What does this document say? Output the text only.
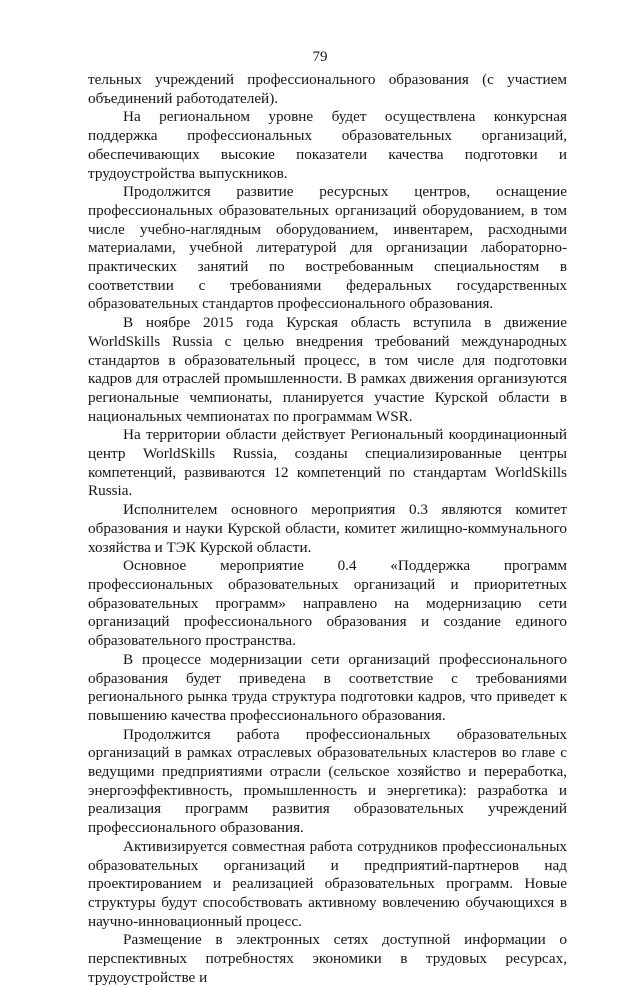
79

тельных учреждений профессионального образования (с участием объединений работодателей).

На региональном уровне будет осуществлена конкурсная поддержка профессиональных образовательных организаций, обеспечивающих высокие показатели качества подготовки и трудоустройства выпускников.

Продолжится развитие ресурсных центров, оснащение профессиональных образовательных организаций оборудованием, в том числе учебно-наглядным оборудованием, инвентарем, расходными материалами, учебной литературой для организации лабораторно-практических занятий по востребованным специальностям в соответствии с требованиями федеральных государственных образовательных стандартов профессионального образования.

В ноябре 2015 года Курская область вступила в движение WorldSkills Russia с целью внедрения требований международных стандартов в образовательный процесс, в том числе для подготовки кадров для отраслей промышленности. В рамках движения организуются региональные чемпионаты, планируется участие Курской области в национальных чемпионатах по программам WSR.

На территории области действует Региональный координационный центр WorldSkills Russia, созданы специализированные центры компетенций, развиваются 12 компетенций по стандартам WorldSkills Russia.

Исполнителем основного мероприятия 0.3 являются комитет образования и науки Курской области, комитет жилищно-коммунального хозяйства и ТЭК Курской области.

Основное мероприятие 0.4 «Поддержка программ профессиональных образовательных организаций и приоритетных образовательных программ» направлено на модернизацию сети организаций профессионального образования и создание единого образовательного пространства.

В процессе модернизации сети организаций профессионального образования будет приведена в соответствие с требованиями регионального рынка труда структура подготовки кадров, что приведет к повышению качества профессионального образования.

Продолжится работа профессиональных образовательных организаций в рамках отраслевых образовательных кластеров во главе с ведущими предприятиями отрасли (сельское хозяйство и переработка, энергоэффективность, промышленность и энергетика): разработка и реализация программ развития образовательных учреждений профессионального образования.

Активизируется совместная работа сотрудников профессиональных образовательных организаций и предприятий-партнеров над проектированием и реализацией образовательных программ. Новые структуры будут способствовать активному вовлечению обучающихся в научно-инновационный процесс.

Размещение в электронных сетях доступной информации о перспективных потребностях экономики в трудовых ресурсах, трудоустройстве и
